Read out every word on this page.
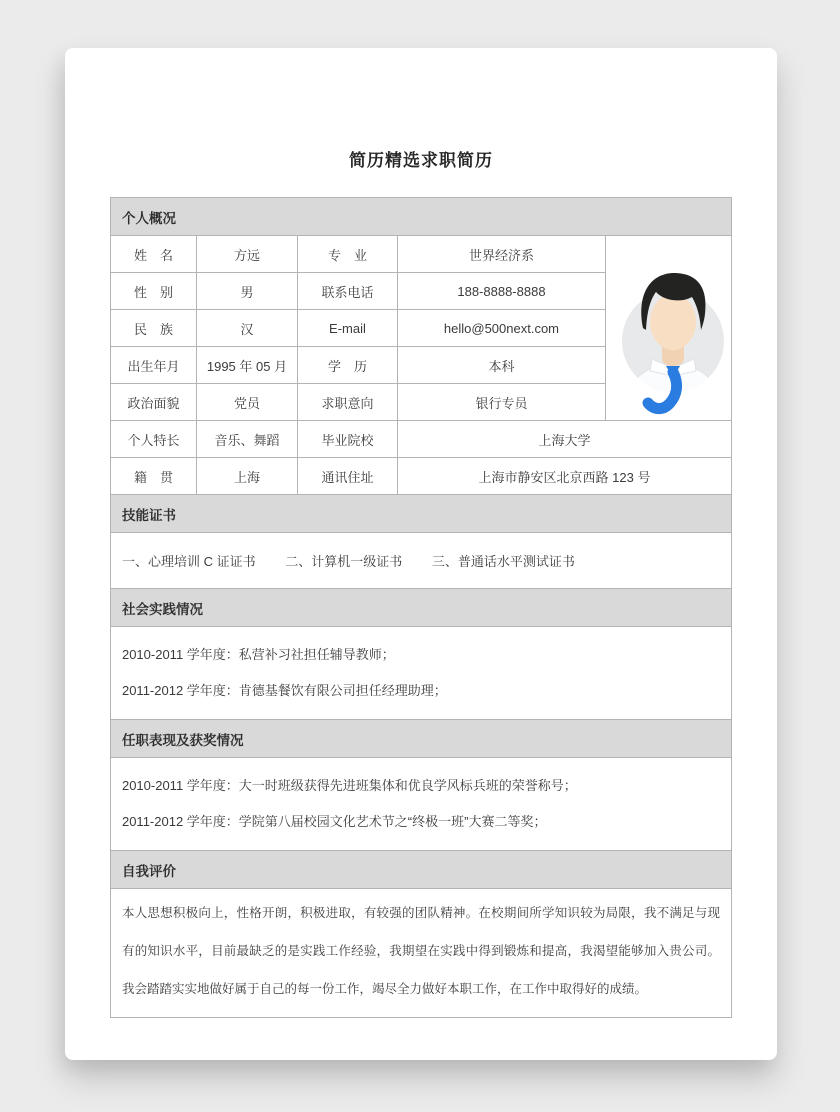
简历精选求职简历
个人概况				
姓　名	方远	专　业	世界经济系	

性　别	男	联系电话	188-8888-8888	
民　族	汉	E-mail	hello@500next.com	
出生年月	1995 年 05 月	学　历	本科	
政治面貌	党员	求职意向	银行专员	
个人特长	音乐、舞蹈	毕业院校	上海大学	
籍　贯	上海	通讯住址	上海市静安区北京西路 123 号	
技能证书				
一、心理培训 C 证证书 二、计算机一级证书 三、普通话水平测试证书				
社会实践情况				

2010-2011 学年度：私营补习社担任辅导教师；

2011-2012 学年度：肯德基餐饮有限公司担任经理助理；				

任职表现及获奖情况				

2010-2011 学年度：大一时班级获得先进班集体和优良学风标兵班的荣誉称号；

2011-2012 学年度：学院第八届校园文化艺术节之“终极一班”大赛二等奖；				

自我评价				

本人思想积极向上，性格开朗，积极进取，有较强的团队精神。在校期间所学知识较为局限，我不满足与现有的知识水平，目前最缺乏的是实践工作经验，我期望在实践中得到锻炼和提高，我渴望能够加入贵公司。我会踏踏实实地做好属于自己的每一份工作，竭尽全力做好本职工作，在工作中取得好的成绩。				
